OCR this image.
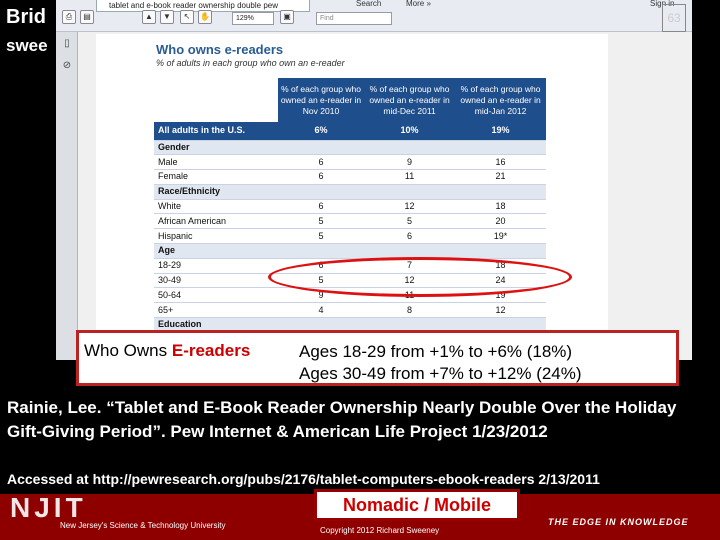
Brid
swee
tablet and e-book reader ownership double pew
⎙	▤	▲	▼	↖	✋	129%	▣	Find
Search	More »	Sign in
▯
⊘
63
Who owns e-readers
% of adults in each group who own an e-reader
	% of each group who owned an e-reader in Nov 2010	% of each group who owned an e-reader in mid-Dec 2011	% of each group who owned an e-reader in mid-Jan 2012
All adults in the U.S.	6%	10%	19%
Gender			
Male	6	9	16
Female	6	11	21
Race/Ethnicity			
White	6	12	18
African American	5	5	20
Hispanic	5	6	19*
Age			
18-29	6	7	18
30-49	5	12	24
50-64	9	11	19
65+	4	8	12
Education			
Who Owns E-readers	Ages 18-29 from +1% to +6% (18%)
Ages 30-49 from +7% to +12% (24%)
Rainie, Lee. “Tablet and E-Book Reader Ownership Nearly Double Over the Holiday Gift-Giving Period”. Pew Internet & American Life Project 1/23/2012
Accessed at http://pewresearch.org/pubs/2176/tablet-computers-ebook-readers 2/13/2011
NJIT
New Jersey's Science & Technology University
Nomadic / Mobile
Copyright 2012 Richard Sweeney
THE EDGE IN KNOWLEDGE
